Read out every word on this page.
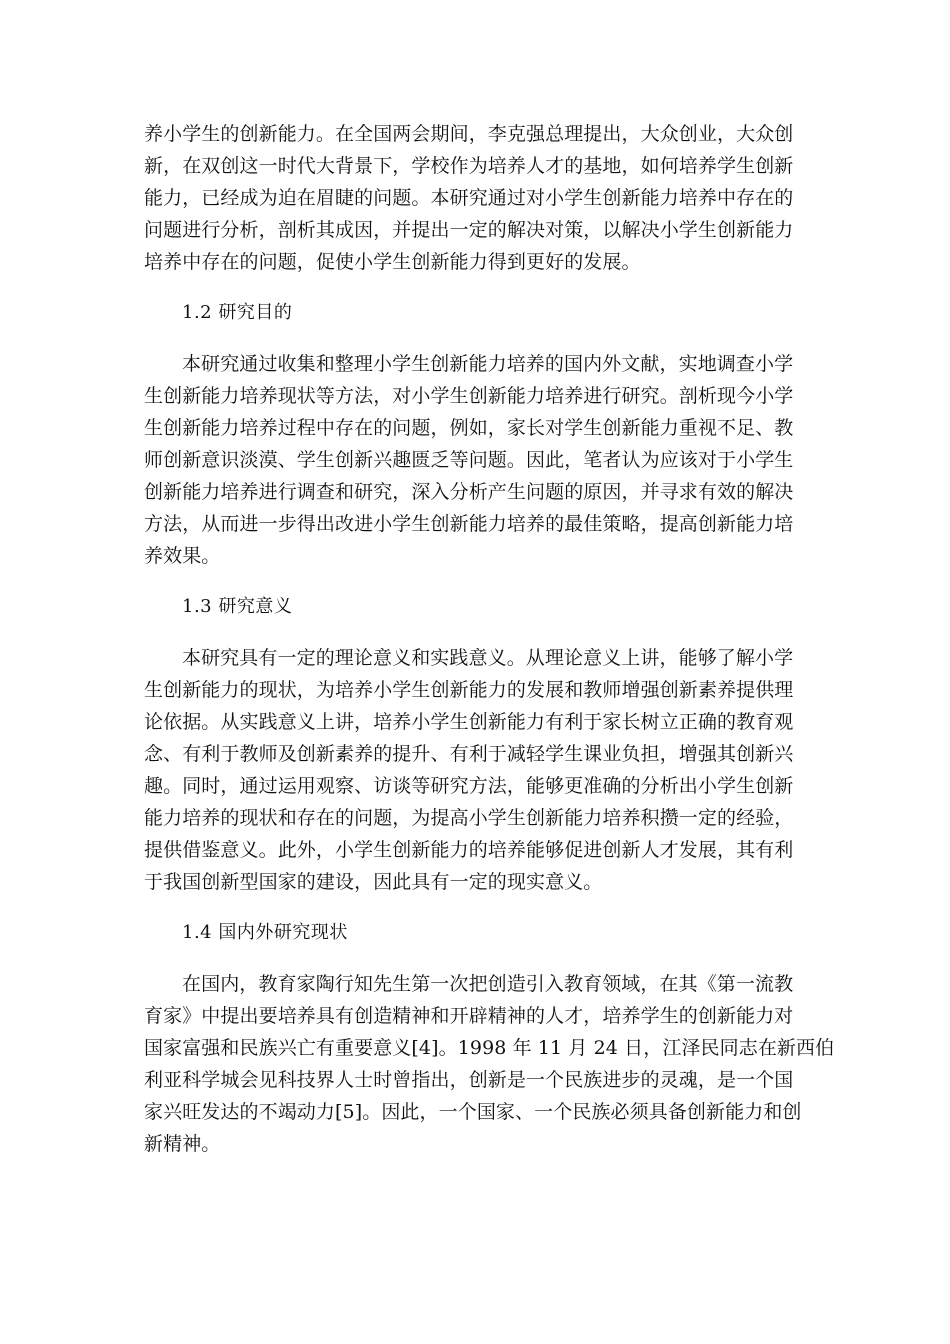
养小学生的创新能力。在全国两会期间，李克强总理提出，大众创业，大众创
新，在双创这一时代大背景下，学校作为培养人才的基地，如何培养学生创新
能力，已经成为迫在眉睫的问题。本研究通过对小学生创新能力培养中存在的
问题进行分析，剖析其成因，并提出一定的解决对策，以解决小学生创新能力
培养中存在的问题，促使小学生创新能力得到更好的发展。
1.2 研究目的
本研究通过收集和整理小学生创新能力培养的国内外文献，实地调查小学
生创新能力培养现状等方法，对小学生创新能力培养进行研究。剖析现今小学
生创新能力培养过程中存在的问题，例如，家长对学生创新能力重视不足、教
师创新意识淡漠、学生创新兴趣匮乏等问题。因此，笔者认为应该对于小学生
创新能力培养进行调查和研究，深入分析产生问题的原因，并寻求有效的解决
方法，从而进一步得出改进小学生创新能力培养的最佳策略，提高创新能力培
养效果。
1.3 研究意义
本研究具有一定的理论意义和实践意义。从理论意义上讲，能够了解小学
生创新能力的现状，为培养小学生创新能力的发展和教师增强创新素养提供理
论依据。从实践意义上讲，培养小学生创新能力有利于家长树立正确的教育观
念、有利于教师及创新素养的提升、有利于减轻学生课业负担，增强其创新兴
趣。同时，通过运用观察、访谈等研究方法，能够更准确的分析出小学生创新
能力培养的现状和存在的问题，为提高小学生创新能力培养积攒一定的经验，
提供借鉴意义。此外，小学生创新能力的培养能够促进创新人才发展，其有利
于我国创新型国家的建设，因此具有一定的现实意义。
1.4 国内外研究现状
在国内，教育家陶行知先生第一次把创造引入教育领域，在其《第一流教
育家》中提出要培养具有创造精神和开辟精神的人才，培养学生的创新能力对
国家富强和民族兴亡有重要意义[4]。1998 年 11 月 24 日，江泽民同志在新西伯
利亚科学城会见科技界人士时曾指出，创新是一个民族进步的灵魂，是一个国
家兴旺发达的不竭动力[5]。因此，一个国家、一个民族必须具备创新能力和创
新精神。
